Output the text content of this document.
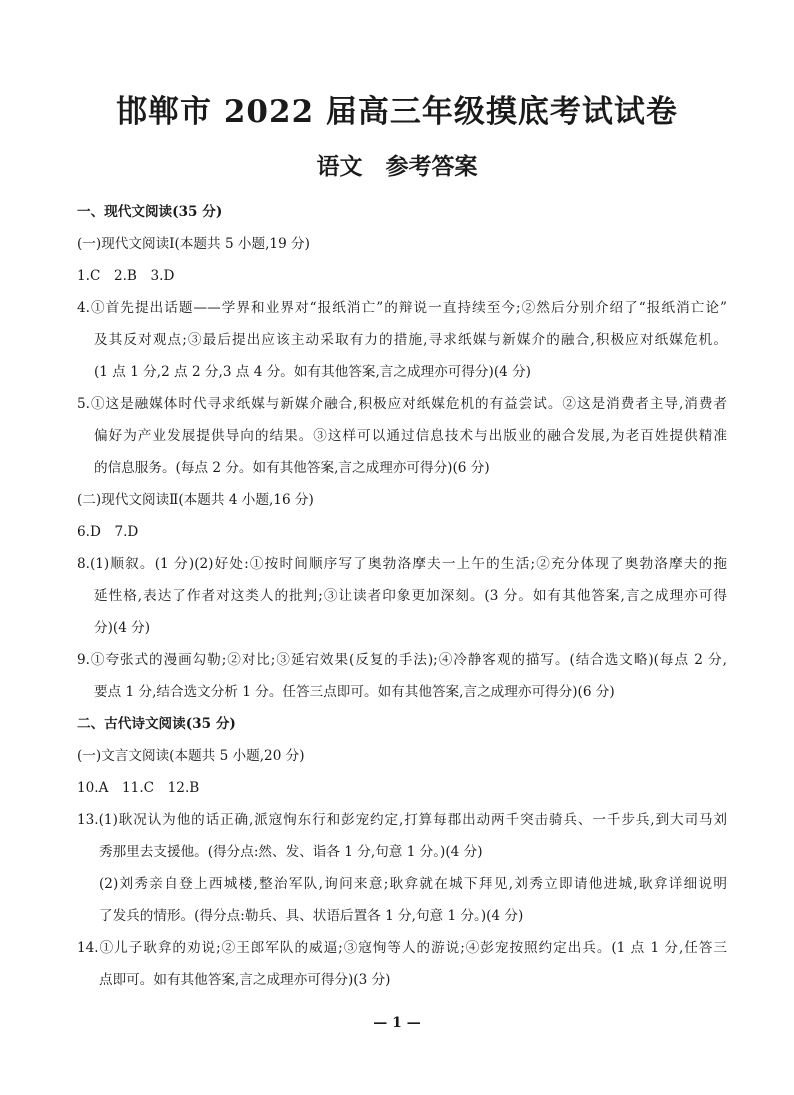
邯郸市 2022 届高三年级摸底考试试卷
语文　参考答案
一、现代文阅读(35 分)
(一)现代文阅读Ⅰ(本题共 5 小题,19 分)
1.C　2.B　3.D
4.①首先提出话题——学界和业界对“报纸消亡”的辩说一直持续至今;②然后分别介绍了“报纸消亡论”
及其反对观点;③最后提出应该主动采取有力的措施,寻求纸媒与新媒介的融合,积极应对纸媒危机。
(1 点 1 分,2 点 2 分,3 点 4 分。如有其他答案,言之成理亦可得分)(4 分)
5.①这是融媒体时代寻求纸媒与新媒介融合,积极应对纸媒危机的有益尝试。②这是消费者主导,消费者
偏好为产业发展提供导向的结果。③这样可以通过信息技术与出版业的融合发展,为老百姓提供精准
的信息服务。(每点 2 分。如有其他答案,言之成理亦可得分)(6 分)
(二)现代文阅读Ⅱ(本题共 4 小题,16 分)
6.D　7.D
8.(1)顺叙。(1 分)(2)好处:①按时间顺序写了奥勃洛摩夫一上午的生活;②充分体现了奥勃洛摩夫的拖
延性格,表达了作者对这类人的批判;③让读者印象更加深刻。(3 分。如有其他答案,言之成理亦可得
分)(4 分)
9.①夸张式的漫画勾勒;②对比;③延宕效果(反复的手法);④冷静客观的描写。(结合选文略)(每点 2 分,
要点 1 分,结合选文分析 1 分。任答三点即可。如有其他答案,言之成理亦可得分)(6 分)
二、古代诗文阅读(35 分)
(一)文言文阅读(本题共 5 小题,20 分)
10.A　11.C　12.B
13.(1)耿况认为他的话正确,派寇恂东行和彭宠约定,打算每郡出动两千突击骑兵、一千步兵,到大司马刘
秀那里去支援他。(得分点:然、发、诣各 1 分,句意 1 分。)(4 分)
(2)刘秀亲自登上西城楼,整治军队,询问来意;耿弇就在城下拜见,刘秀立即请他进城,耿弇详细说明
了发兵的情形。(得分点:勒兵、具、状语后置各 1 分,句意 1 分。)(4 分)
14.①儿子耿弇的劝说;②王郎军队的威逼;③寇恂等人的游说;④彭宠按照约定出兵。(1 点 1 分,任答三
点即可。如有其他答案,言之成理亦可得分)(3 分)
— 1 —
